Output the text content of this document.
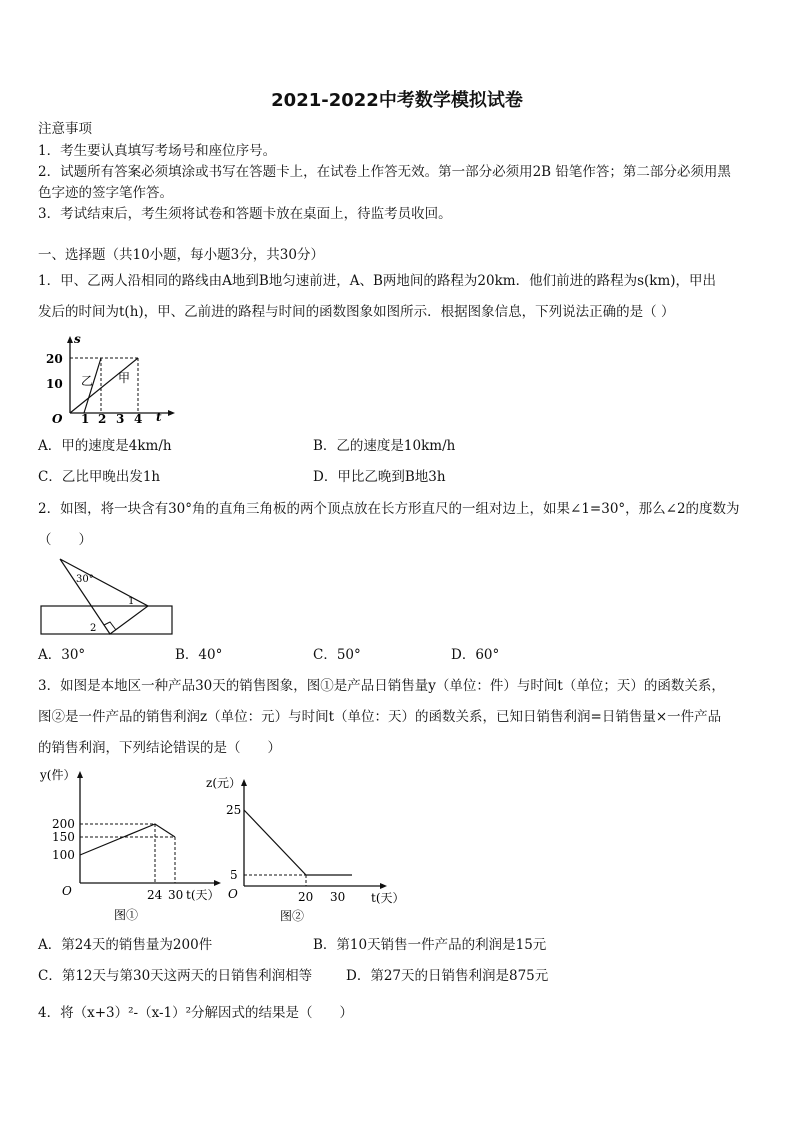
2021-2022中考数学模拟试卷
注意事项
1．考生要认真填写考场号和座位序号。
2．试题所有答案必须填涂或书写在答题卡上，在试卷上作答无效。第一部分必须用2B 铅笔作答；第二部分必须用黑
色字迹的签字笔作答。
3．考试结束后，考生须将试卷和答题卡放在桌面上，待监考员收回。
一、选择题（共10小题，每小题3分，共30分）
1．甲、乙两人沿相同的路线由A地到B地匀速前进，A、B两地间的路程为20km．他们前进的路程为s(km)，甲出
发后的时间为t(h)，甲、乙前进的路程与时间的函数图象如图所示．根据图象信息，下列说法正确的是（ ）
s
t
O
20
10
1 2 3 4
乙 甲
A．甲的速度是4km/h	B．乙的速度是10km/h
C．乙比甲晚出发1h	D．甲比乙晚到B地3h
2．如图，将一块含有30°角的直角三角板的两个顶点放在长方形直尺的一组对边上，如果∠1=30°，那么∠2的度数为
（　　）
30°
1
2
A．30°	B．40°	C．50°	D．60°
3．如图是本地区一种产品30天的销售图象，图①是产品日销售量y（单位：件）与时间t（单位；天）的函数关系，
图②是一件产品的销售利润z（单位：元）与时间t（单位：天）的函数关系，已知日销售利润=日销售量×一件产品
的销售利润，下列结论错误的是（　　）
y(件）
t(天）
O
200
150
100
24 30
图①
z(元）
t(天）
O
25
5
20 30
图②
A．第24天的销售量为200件	B．第10天销售一件产品的利润是15元
C．第12天与第30天这两天的日销售利润相等	D．第27天的日销售利润是875元
4．将（x+3）²-（x-1）²分解因式的结果是（　　）
